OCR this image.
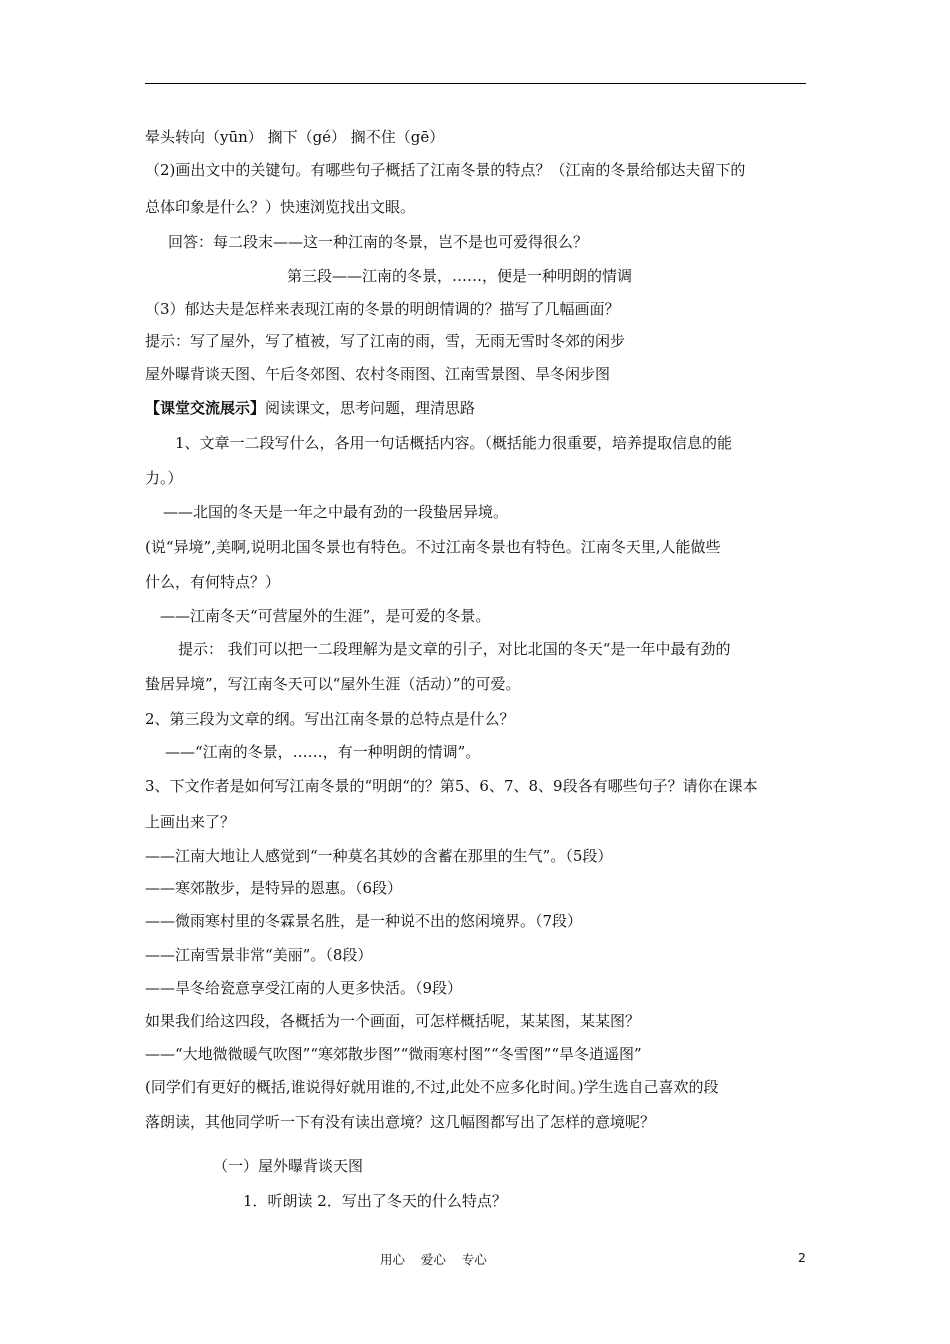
晕头转向（yūn） 搁下（gé） 搁不住（gē）
（2)画出文中的关键句。有哪些句子概括了江南冬景的特点？（江南的冬景给郁达夫留下的
总体印象是什么？）快速浏览找出文眼。
回答：每二段末——这一种江南的冬景，岂不是也可爱得很么？
第三段——江南的冬景，……，便是一种明朗的情调
（3）郁达夫是怎样来表现江南的冬景的明朗情调的？描写了几幅画面？
提示：写了屋外，写了植被，写了江南的雨，雪，无雨无雪时冬郊的闲步
屋外曝背谈天图、午后冬郊图、农村冬雨图、江南雪景图、旱冬闲步图
【课堂交流展示】阅读课文，思考问题，理清思路
1、文章一二段写什么，各用一句话概括内容。（概括能力很重要，培养提取信息的能
力。）
——北国的冬天是一年之中最有劲的一段蛰居异境。
(说“异境”,美啊,说明北国冬景也有特色。不过江南冬景也有特色。江南冬天里,人能做些
什么，有何特点？）
——江南冬天“可营屋外的生涯”，是可爱的冬景。
提示： 我们可以把一二段理解为是文章的引子，对比北国的冬天“是一年中最有劲的
蛰居异境”，写江南冬天可以“屋外生涯（活动）”的可爱。
2、第三段为文章的纲。写出江南冬景的总特点是什么？
——“江南的冬景，……，有一种明朗的情调”。
3、下文作者是如何写江南冬景的“明朗“的？第5、6、7、8、9段各有哪些句子？请你在课本
上画出来了？
——江南大地让人感觉到“一种莫名其妙的含蓄在那里的生气”。（5段）
——寒郊散步，是特异的恩惠。（6段）
——微雨寒村里的冬霖景名胜，是一种说不出的悠闲境界。（7段）
——江南雪景非常“美丽”。（8段）
——旱冬给瓷意享受江南的人更多快活。（9段）
如果我们给这四段，各概括为一个画面，可怎样概括呢，某某图，某某图？
——“大地微微暖气吹图”“寒郊散步图”“微雨寒村图”“冬雪图”“旱冬逍遥图”
(同学们有更好的概括,谁说得好就用谁的,不过,此处不应多化时间。)学生选自己喜欢的段
落朗读，其他同学听一下有没有读出意境？这几幅图都写出了怎样的意境呢？
（一）屋外曝背谈天图
1．听朗读 2．写出了冬天的什么特点？
用心    爱心    专心	2
